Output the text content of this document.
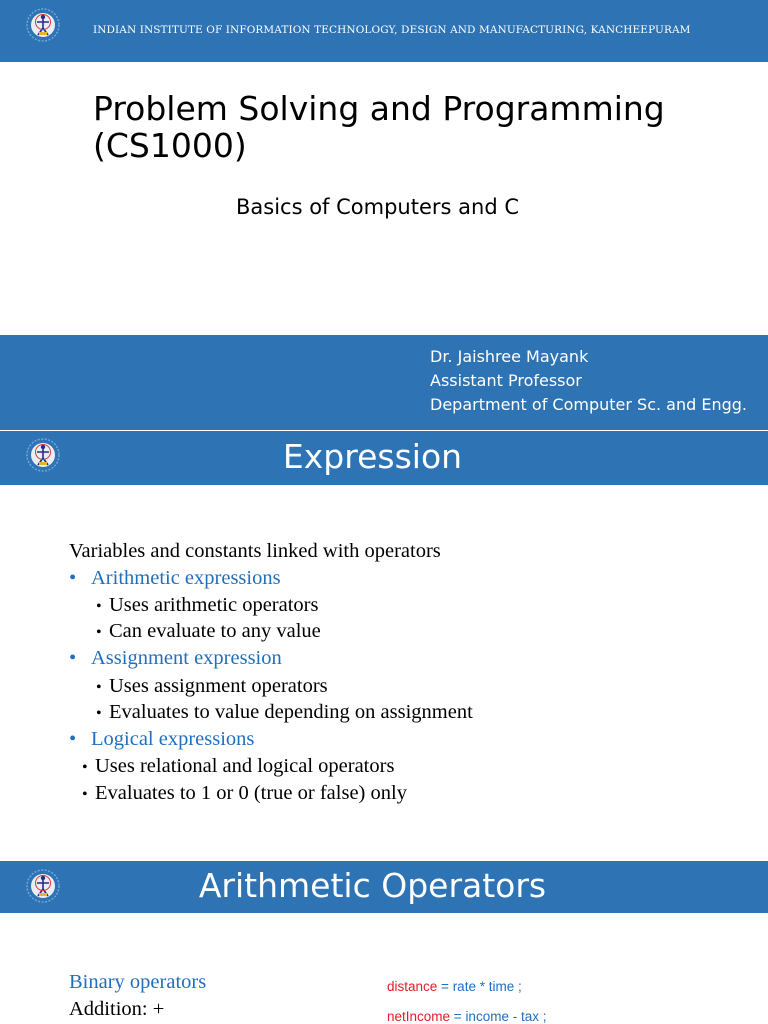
INDIAN INSTITUTE OF INFORMATION TECHNOLOGY, DESIGN AND MANUFACTURING, KANCHEEPURAM
Problem Solving and Programming (CS1000)
Basics of Computers and C
Dr. Jaishree Mayank
Assistant Professor
Department of Computer Sc. and Engg.
Expression
Variables and constants linked with operators
• Arithmetic expressions
• Uses arithmetic operators
• Can evaluate to any value
• Assignment expression
• Uses assignment operators
• Evaluates to value depending on assignment
• Logical expressions
• Uses relational and logical operators
• Evaluates to 1 or 0 (true or false) only
Arithmetic Operators
Binary operators
Addition: +
distance = rate * time ;
netIncome = income - tax ;
